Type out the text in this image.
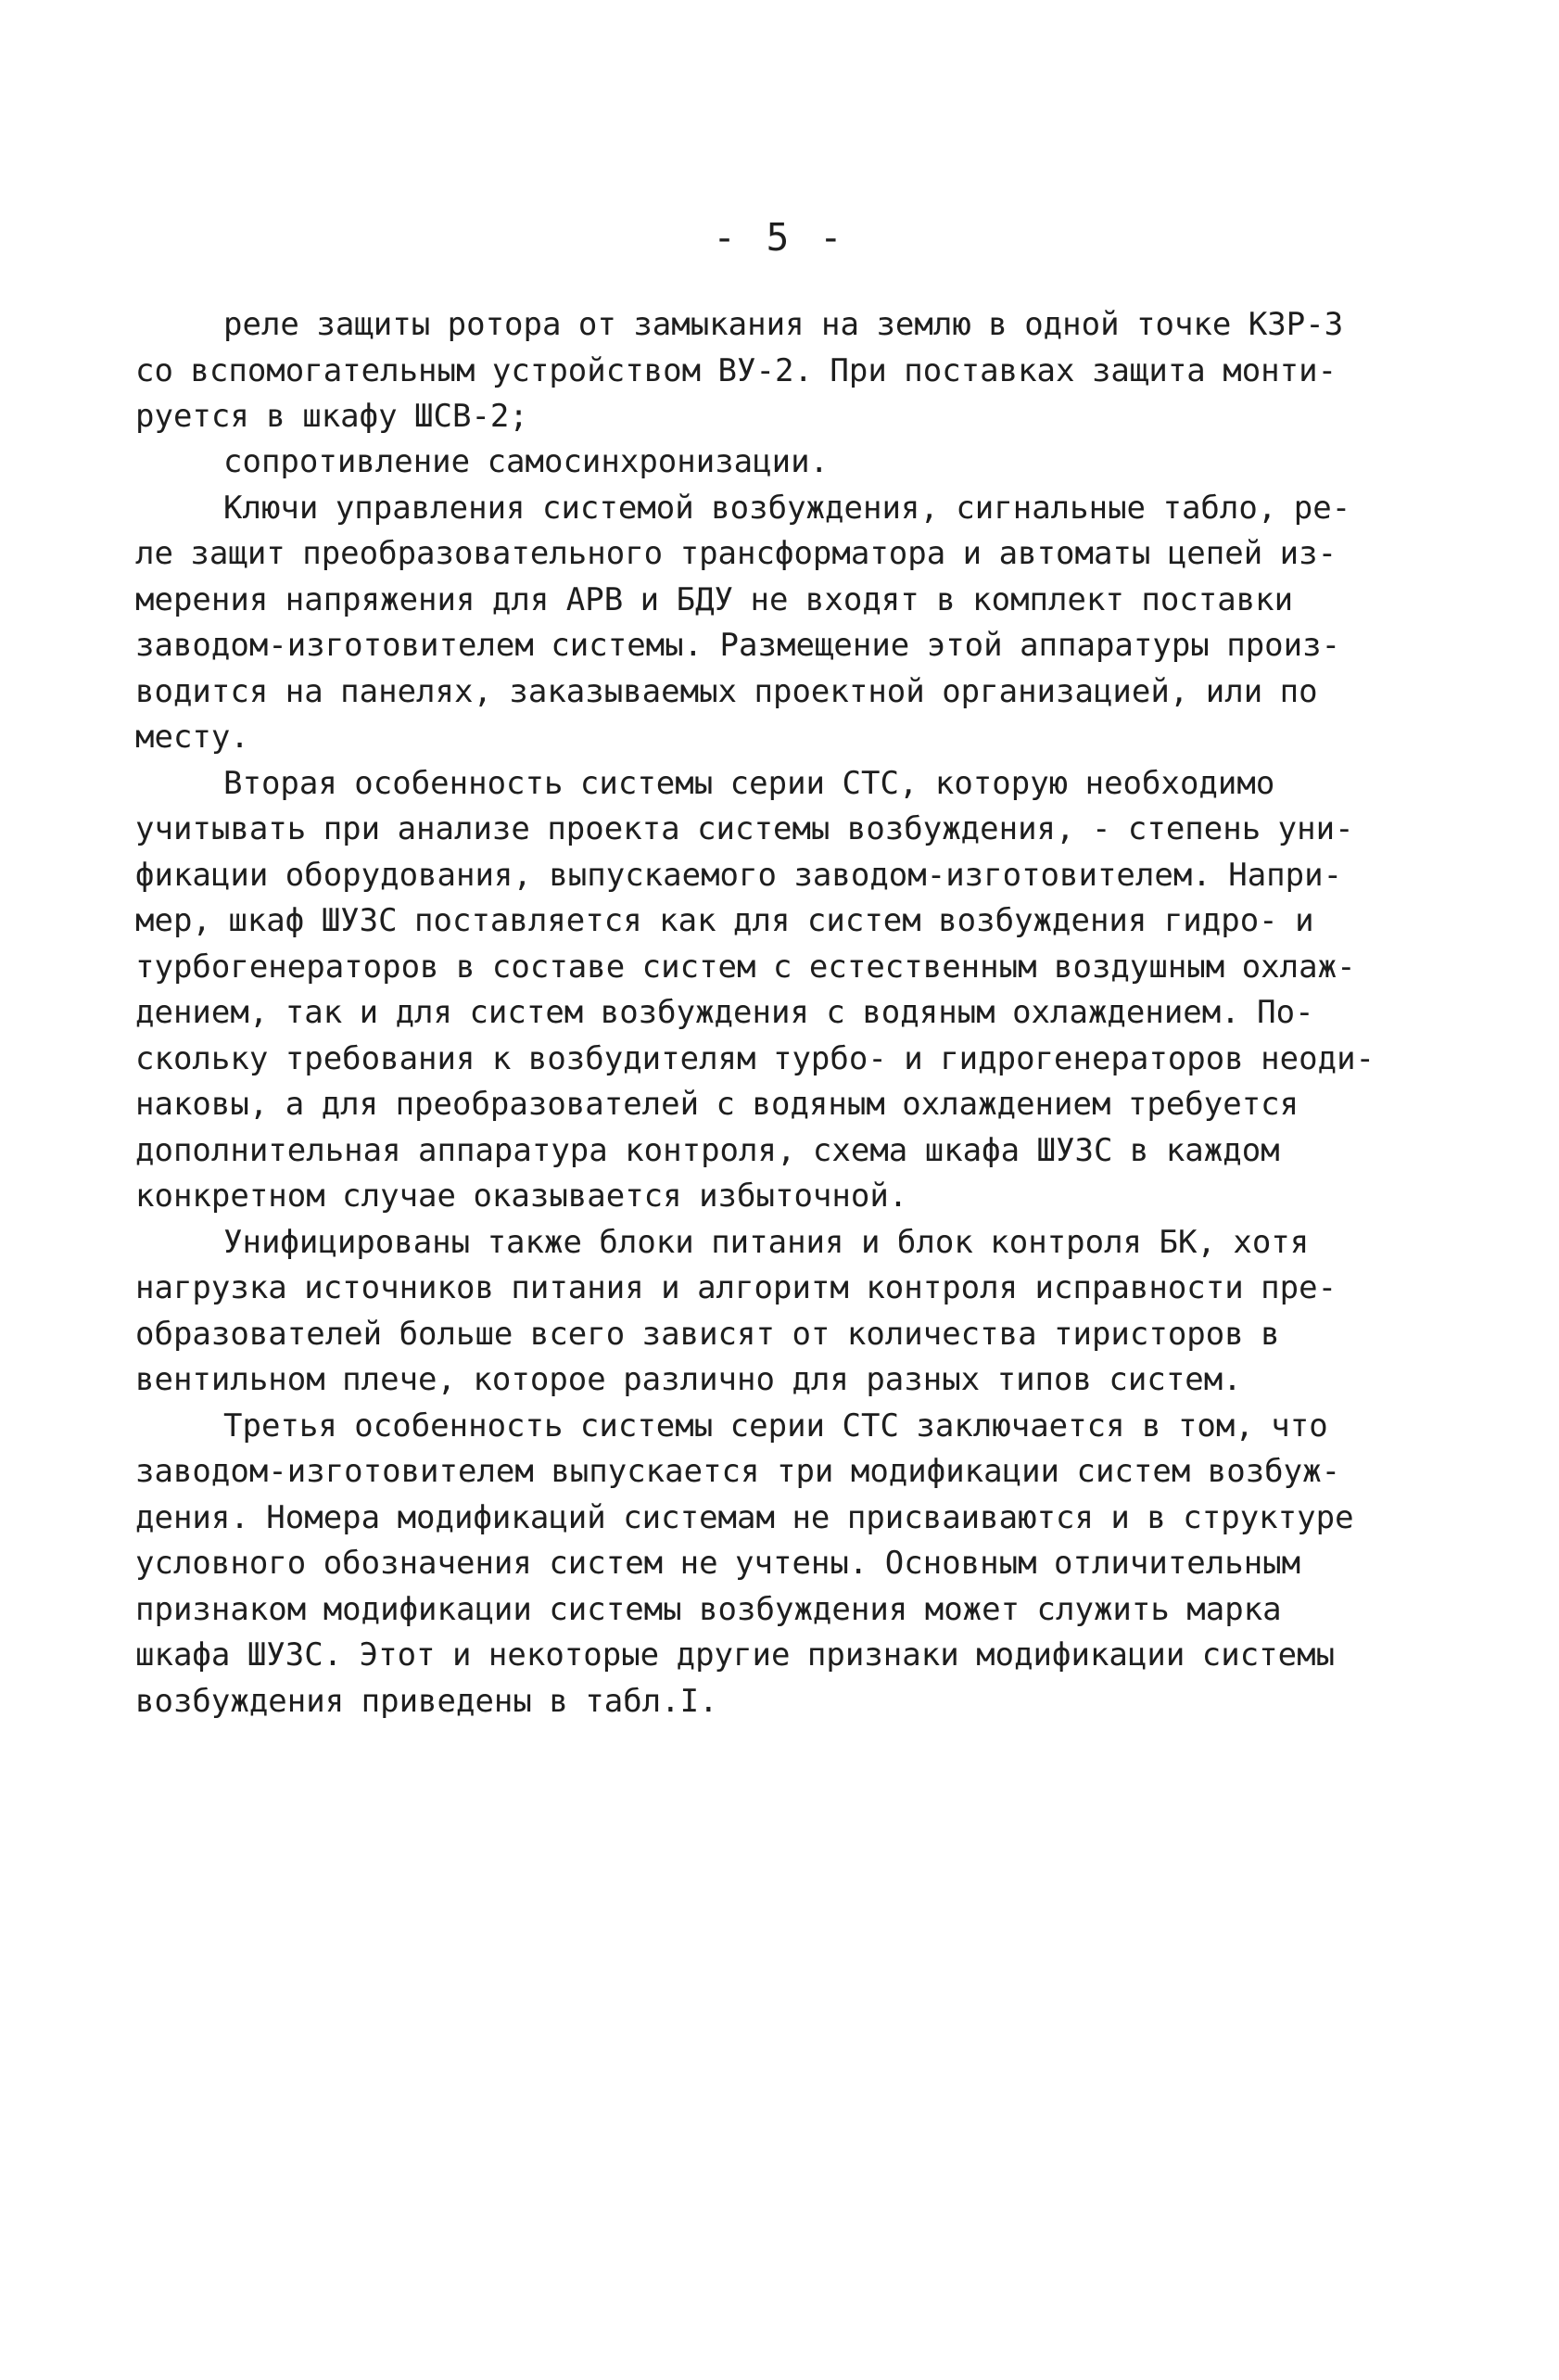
- 5 -
реле защиты ротора от замыкания на землю в одной точке КЗР-3
со вспомогательным устройством ВУ-2. При поставках защита монти-
руется в шкафу ШСВ-2;
сопротивление самосинхронизации.
Ключи управления системой возбуждения, сигнальные табло, ре-
ле защит преобразовательного трансформатора и автоматы цепей из-
мерения напряжения для АРВ и БДУ не входят в комплект поставки
заводом-изготовителем системы. Размещение этой аппаратуры произ-
водится на панелях, заказываемых проектной организацией, или по
месту.
Вторая особенность системы серии СТС, которую необходимо
учитывать при анализе проекта системы возбуждения, - степень уни-
фикации оборудования, выпускаемого заводом-изготовителем. Напри-
мер, шкаф ШУЗС поставляется как для систем возбуждения гидро- и
турбогенераторов в составе систем с естественным воздушным охлаж-
дением, так и для систем возбуждения с водяным охлаждением. По-
скольку требования к возбудителям турбо- и гидрогенераторов неоди-
наковы, а для преобразователей с водяным охлаждением требуется
дополнительная аппаратура контроля, схема шкафа ШУЗС в каждом
конкретном случае оказывается избыточной.
Унифицированы также блоки питания и блок контроля БК, хотя
нагрузка источников питания и алгоритм контроля исправности пре-
образователей больше всего зависят от количества тиристоров в
вентильном плече, которое различно для разных типов систем.
Третья особенность системы серии СТС заключается в том, что
заводом-изготовителем выпускается три модификации систем возбуж-
дения. Номера модификаций системам не присваиваются и в структуре
условного обозначения систем не учтены. Основным отличительным
признаком модификации системы возбуждения может служить марка
шкафа ШУЗС. Этот и некоторые другие признаки модификации системы
возбуждения приведены в табл.I.
